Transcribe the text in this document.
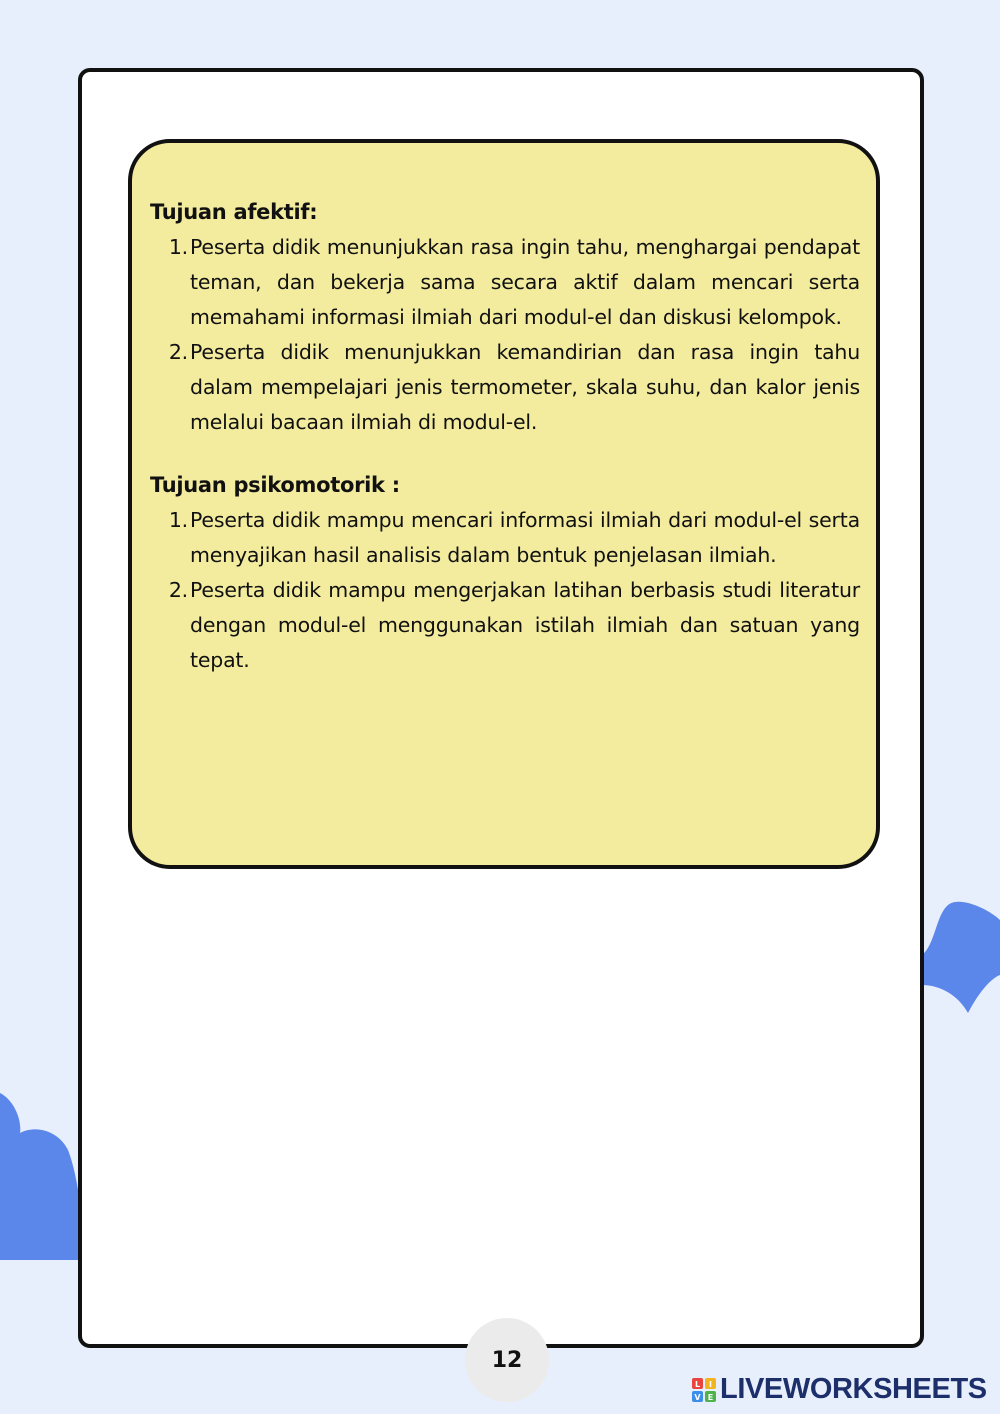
Tujuan afektif:
1. Peserta didik menunjukkan rasa ingin tahu, menghargai pendapat teman, dan bekerja sama secara aktif dalam mencari serta memahami informasi ilmiah dari modul-el dan diskusi kelompok.
2. Peserta didik menunjukkan kemandirian dan rasa ingin tahu dalam mempelajari jenis termometer, skala suhu, dan kalor jenis melalui bacaan ilmiah di modul-el.
Tujuan psikomotorik :
1. Peserta didik mampu mencari informasi ilmiah dari modul-el serta menyajikan hasil analisis dalam bentuk penjelasan ilmiah.
2. Peserta didik mampu mengerjakan latihan berbasis studi literatur dengan modul-el menggunakan istilah ilmiah dan satuan yang tepat.
12
L I
V E LIVEWORKSHEETS
